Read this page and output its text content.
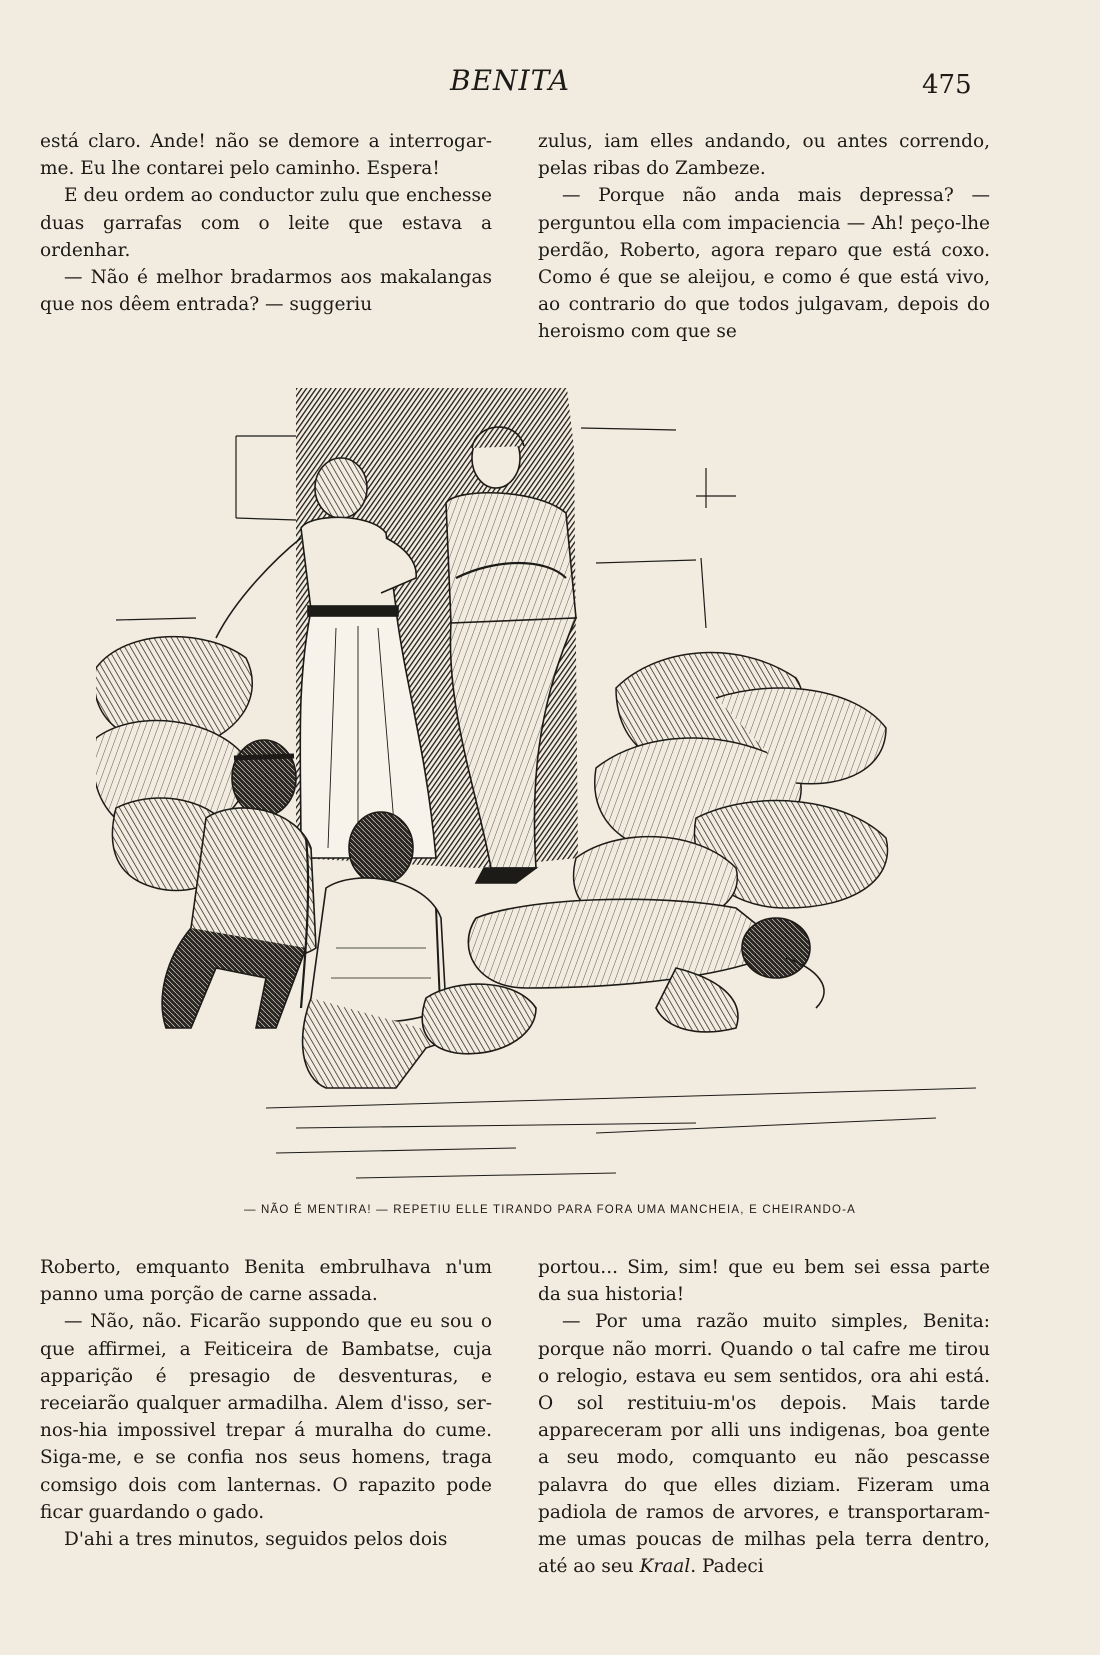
BENITA	475

está claro. Ande! não se demore a interrogar-me. Eu lhe contarei pelo caminho. Espera!

E deu ordem ao conductor zulu que enchesse duas garrafas com o leite que estava a ordenhar.

— Não é melhor bradarmos aos makalangas que nos dêem entrada? — suggeriu

zulus, iam elles andando, ou antes correndo, pelas ribas do Zambeze.

— Porque não anda mais depressa? — perguntou ella com impaciencia — Ah! peço-lhe perdão, Roberto, agora reparo que está coxo. Como é que se aleijou, e como é que está vivo, ao contrario do que todos julgavam, depois do heroismo com que se

— NÃO É MENTIRA! — REPETIU ELLE TIRANDO PARA FORA UMA MANCHEIA, E CHEIRANDO-A

Roberto, emquanto Benita embrulhava n'um panno uma porção de carne assada.

— Não, não. Ficarão suppondo que eu sou o que affirmei, a Feiticeira de Bambatse, cuja apparição é presagio de desventuras, e receiarão qualquer armadilha. Alem d'isso, ser-nos-hia impossivel trepar á muralha do cume. Siga-me, e se confia nos seus homens, traga comsigo dois com lanternas. O rapazito pode ficar guardando o gado.

D'ahi a tres minutos, seguidos pelos dois

portou... Sim, sim! que eu bem sei essa parte da sua historia!

— Por uma razão muito simples, Benita: porque não morri. Quando o tal cafre me tirou o relogio, estava eu sem sentidos, ora ahi está. O sol restituiu-m'os depois. Mais tarde appareceram por alli uns indigenas, boa gente a seu modo, comquanto eu não pescasse palavra do que elles diziam. Fizeram uma padiola de ramos de arvores, e transportaram-me umas poucas de milhas pela terra dentro, até ao seu Kraal. Padeci
